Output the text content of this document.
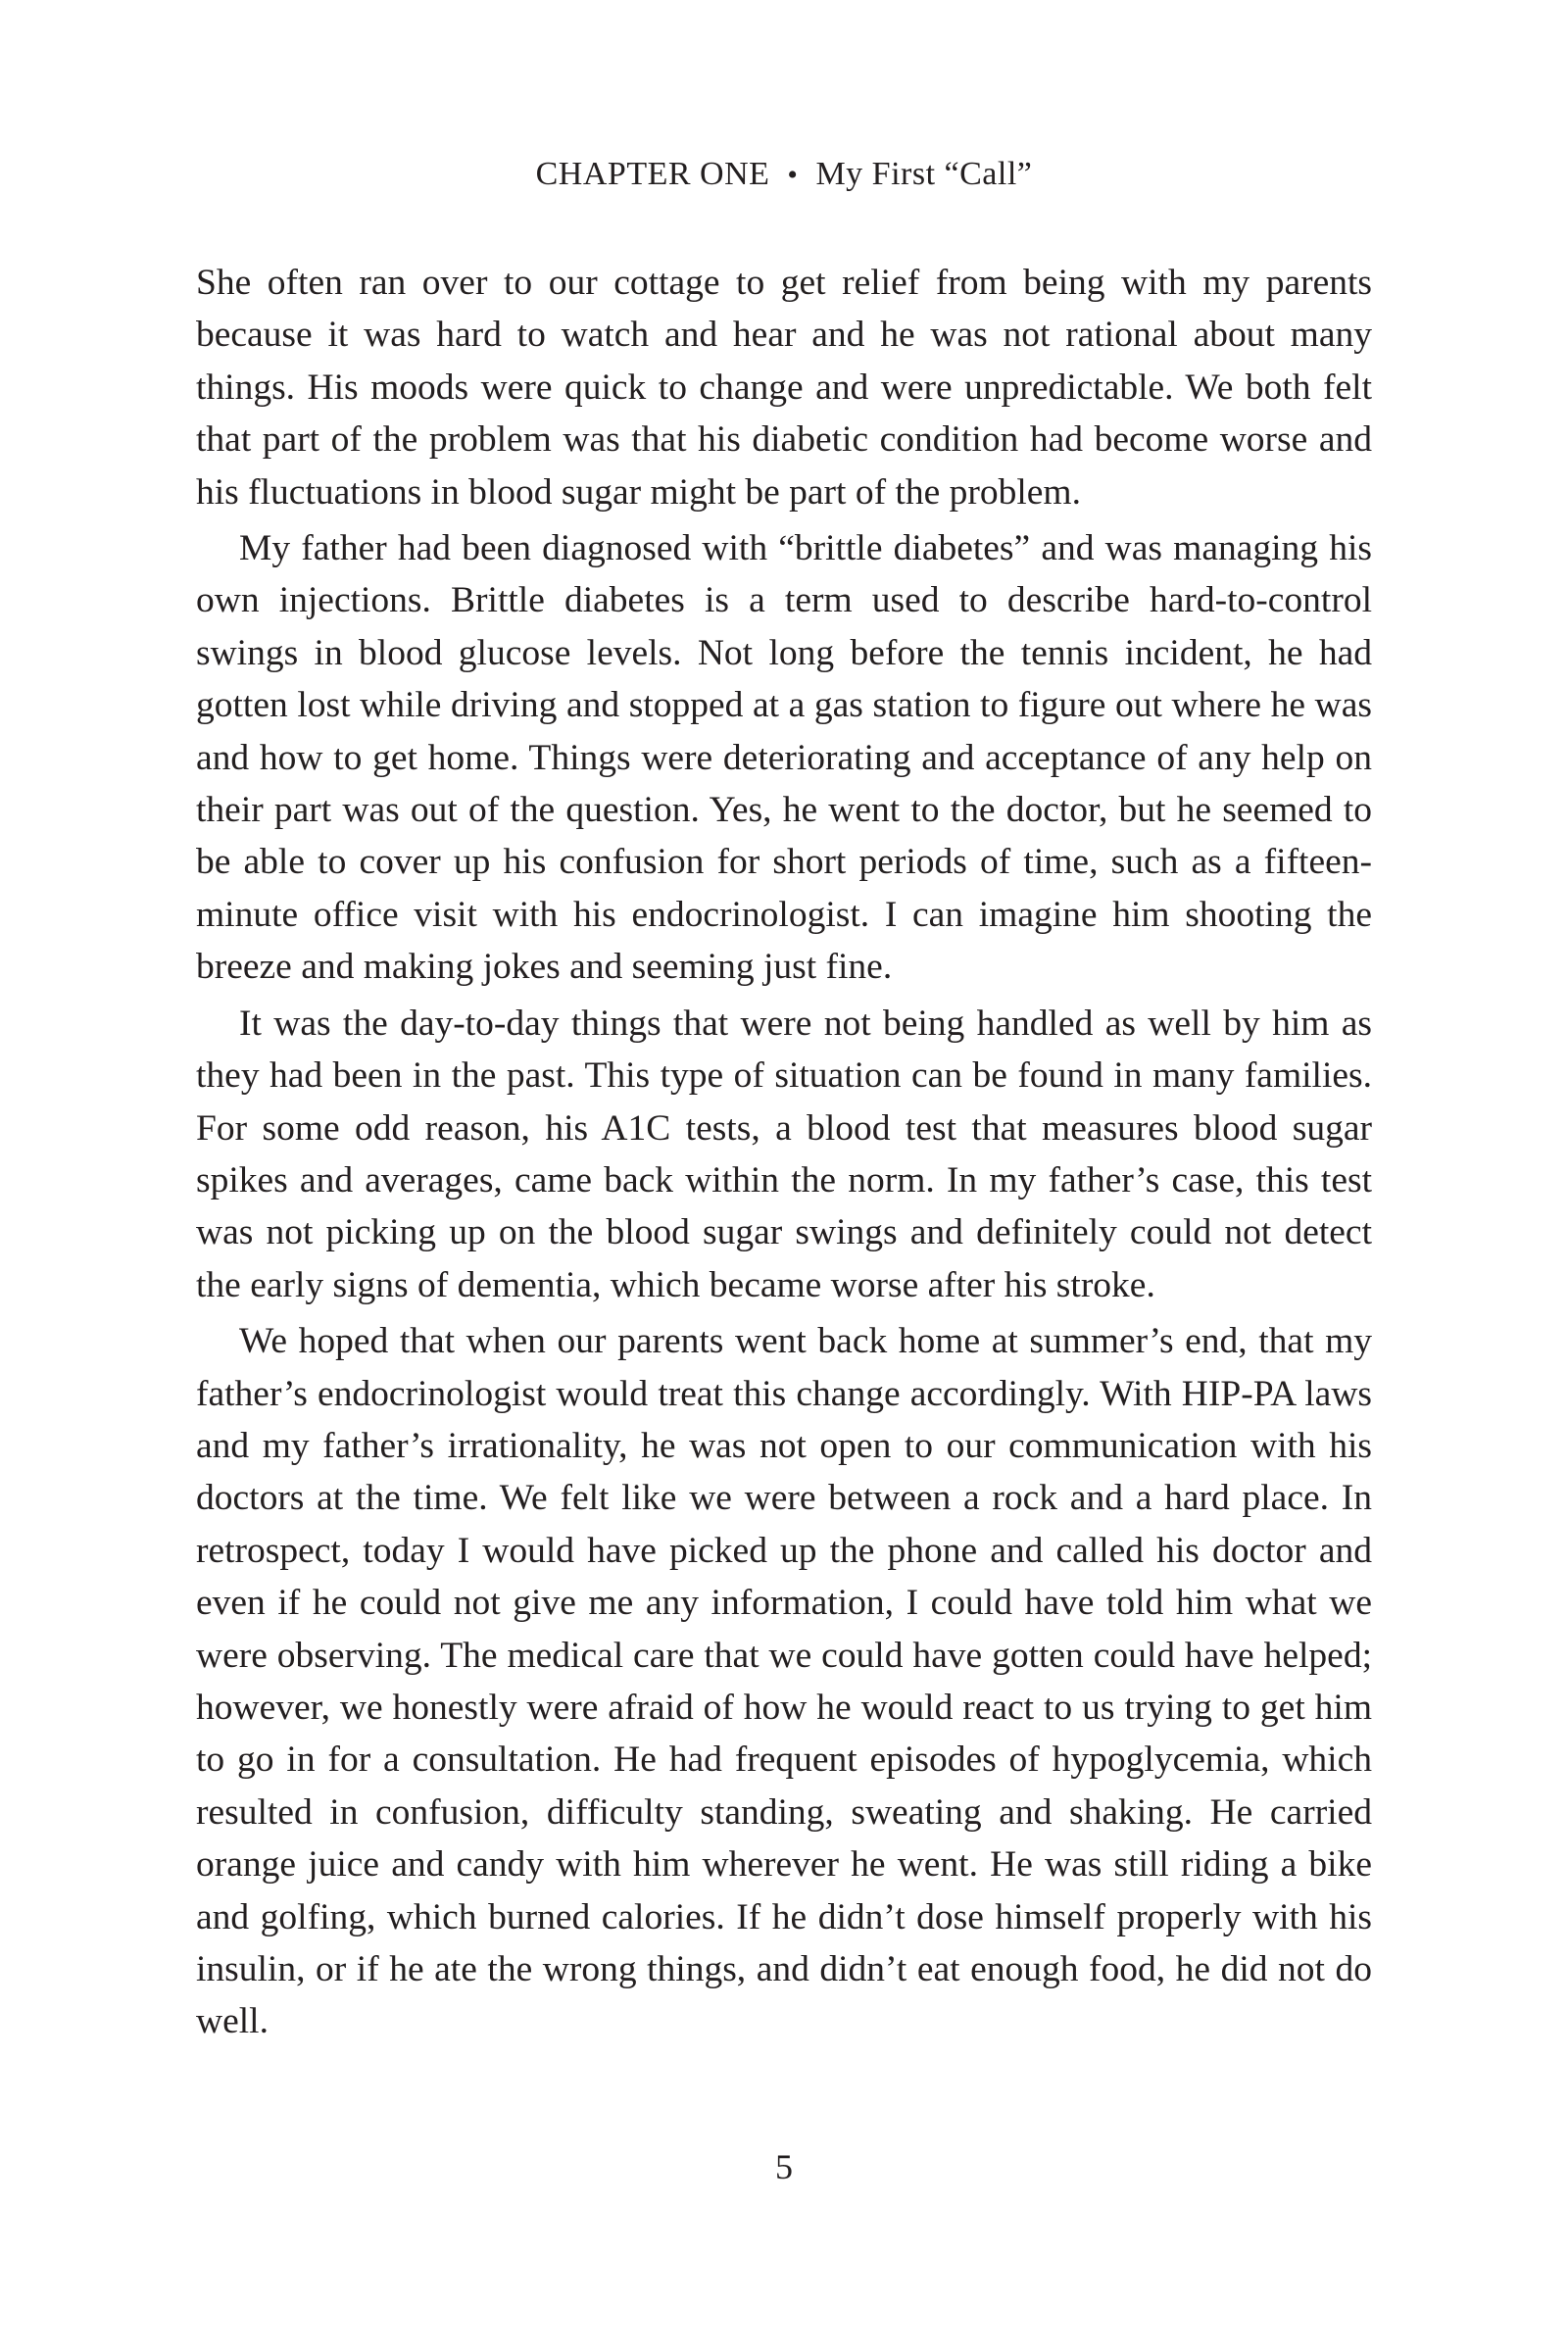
CHAPTER ONE • My First “Call”

She often ran over to our cottage to get relief from being with my parents because it was hard to watch and hear and he was not rational about many things. His moods were quick to change and were unpredictable. We both felt that part of the problem was that his diabetic condition had become worse and his fluctuations in blood sugar might be part of the problem.

My father had been diagnosed with “brittle diabetes” and was managing his own injections. Brittle diabetes is a term used to describe hard-to-control swings in blood glucose levels. Not long before the tennis incident, he had gotten lost while driving and stopped at a gas station to figure out where he was and how to get home. Things were deteriorating and acceptance of any help on their part was out of the question. Yes, he went to the doctor, but he seemed to be able to cover up his confusion for short periods of time, such as a fifteen-minute office visit with his endocrinologist. I can imagine him shooting the breeze and making jokes and seeming just fine.

It was the day-to-day things that were not being handled as well by him as they had been in the past. This type of situation can be found in many families. For some odd reason, his A1C tests, a blood test that measures blood sugar spikes and averages, came back within the norm. In my father’s case, this test was not picking up on the blood sugar swings and definitely could not detect the early signs of dementia, which became worse after his stroke.

We hoped that when our parents went back home at summer’s end, that my father’s endocrinologist would treat this change accordingly. With HIP-PA laws and my father’s irrationality, he was not open to our communication with his doctors at the time. We felt like we were between a rock and a hard place. In retrospect, today I would have picked up the phone and called his doctor and even if he could not give me any information, I could have told him what we were observing. The medical care that we could have gotten could have helped; however, we honestly were afraid of how he would react to us trying to get him to go in for a consultation. He had frequent episodes of hypoglycemia, which resulted in confusion, difficulty standing, sweating and shaking. He carried orange juice and candy with him wherever he went. He was still riding a bike and golfing, which burned calories. If he didn’t dose himself properly with his insulin, or if he ate the wrong things, and didn’t eat enough food, he did not do well.

5
